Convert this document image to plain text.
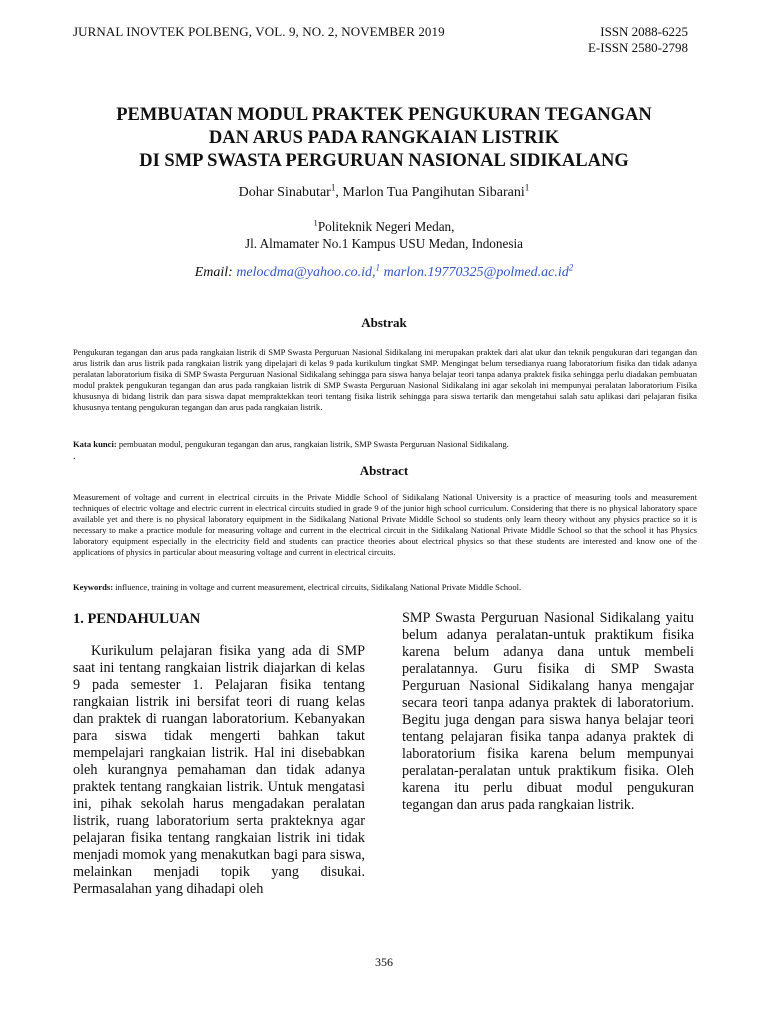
JURNAL INOVTEK POLBENG, VOL. 9, NO. 2, NOVEMBER 2019	ISSN 2088-6225
E-ISSN 2580-2798
PEMBUATAN MODUL PRAKTEK PENGUKURAN TEGANGAN
DAN ARUS PADA RANGKAIAN LISTRIK
DI SMP SWASTA PERGURUAN NASIONAL SIDIKALANG
Dohar Sinabutar$^1$, Marlon Tua Pangihutan Sibarani$^1$
$^1$Politeknik Negeri Medan,
Jl. Almamater No.1 Kampus USU Medan, Indonesia
Email: melocdma@yahoo.co.id,$^1$ $marlon.19770325@polmed.ac.id^2$
Abstrak
Pengukuran tegangan dan arus pada rangkaian listrik di SMP Swasta Perguruan Nasional Sidikalang ini merupakan praktek dari alat ukur dan teknik pengukuran dari tegangan dan arus listrik dan arus listrik pada rangkaian listrik yang dipelajari di kelas 9 pada kurikulum tingkat SMP. Mengingat belum tersedianya ruang laboratorium fisika dan tidak adanya peralatan laboratorium fisika di SMP Swasta Perguruan Nasional Sidikalang sehingga para siswa hanya belajar teori tanpa adanya praktek fisika sehingga perlu diadakan pembuatan modul praktek pengukuran tegangan dan arus pada rangkaian listrik di SMP Swasta Perguruan Nasional Sidikalang ini agar sekolah ini mempunyai peralatan laboratorium Fisika khususnya di bidang listrik dan para siswa dapat mempraktekkan teori tentang fisika listrik sehingga para siswa tertarik dan mengetahui salah satu aplikasi dari pelajaran fisika khususnya tentang pengukuran tegangan dan arus pada rangkaian listrik.
Kata kunci: pembuatan modul, pengukuran tegangan dan arus, rangkaian listrik, SMP Swasta Perguruan Nasional Sidikalang.
.
Abstract
Measurement of voltage and current in electrical circuits in the Private Middle School of Sidikalang National University is a practice of measuring tools and measurement techniques of electric voltage and electric current in electrical circuits studied in grade 9 of the junior high school curriculum. Considering that there is no physical laboratory space available yet and there is no physical laboratory equipment in the Sidikalang National Private Middle School so students only learn theory without any physics practice so it is necessary to make a practice module for measuring voltage and current in the electrical circuit in the Sidikalang National Private Middle School so that the school it has Physics laboratory equipment especially in the electricity field and students can practice theories about electrical physics so that these students are interested and know one of the applications of physics in particular about measuring voltage and current in electrical circuits.
Keywords: influence, training in voltage and current measurement, electrical circuits, Sidikalang National Private Middle School.
1. PENDAHULUAN
Kurikulum pelajaran fisika yang ada di SMP saat ini tentang rangkaian listrik diajarkan di kelas 9 pada semester 1. Pelajaran fisika tentang rangkaian listrik ini bersifat teori di ruang kelas dan praktek di ruangan laboratorium. Kebanyakan para siswa tidak mengerti bahkan takut mempelajari rangkaian listrik. Hal ini disebabkan oleh kurangnya pemahaman dan tidak adanya praktek tentang rangkaian listrik. Untuk mengatasi ini, pihak sekolah harus mengadakan peralatan listrik, ruang laboratorium serta prakteknya agar pelajaran fisika tentang rangkaian listrik ini tidak menjadi momok yang menakutkan bagi para siswa, melainkan menjadi topik yang disukai. Permasalahan yang dihadapi oleh
SMP Swasta Perguruan Nasional Sidikalang yaitu belum adanya peralatan-untuk praktikum fisika karena belum adanya dana untuk membeli peralatannya. Guru fisika di SMP Swasta Perguruan Nasional Sidikalang hanya mengajar secara teori tanpa adanya praktek di laboratorium. Begitu juga dengan para siswa hanya belajar teori tentang pelajaran fisika tanpa adanya praktek di laboratorium fisika karena belum mempunyai peralatan-peralatan untuk praktikum fisika. Oleh karena itu perlu dibuat modul pengukuran tegangan dan arus pada rangkaian listrik.
356
